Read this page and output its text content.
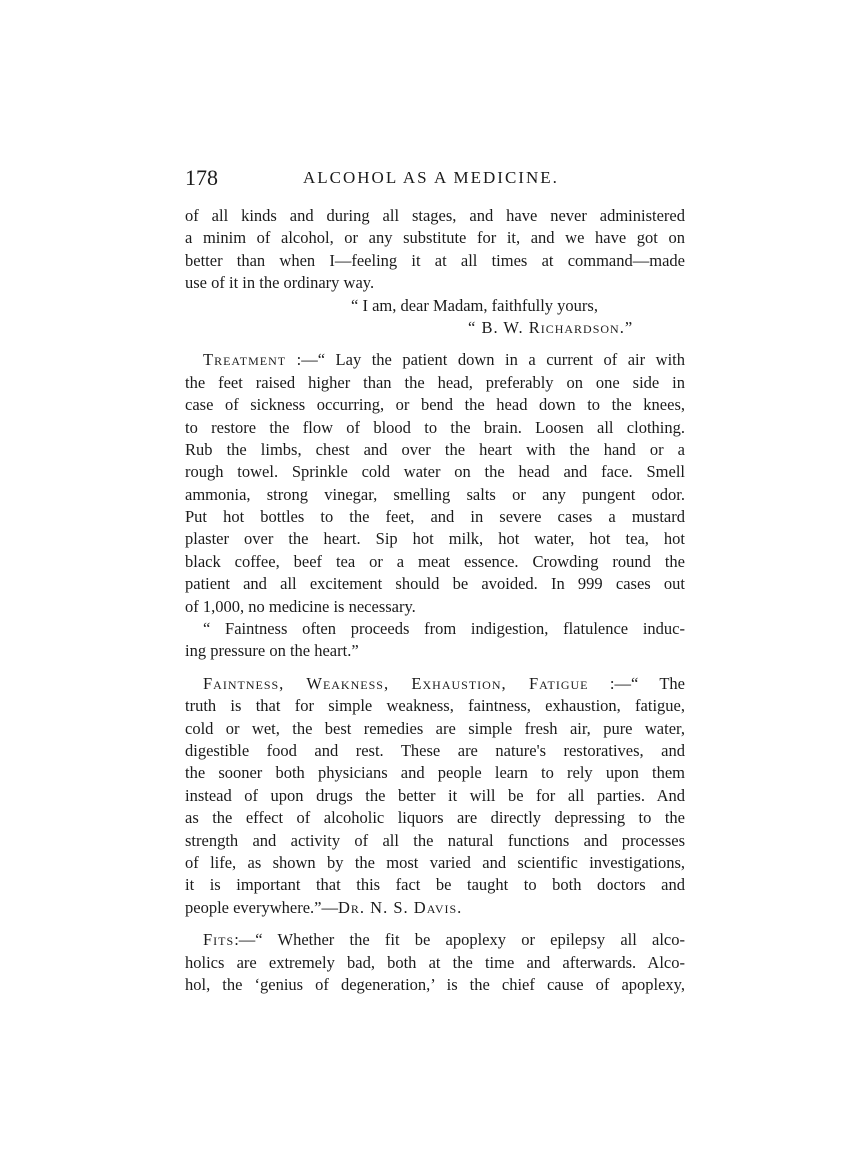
178	ALCOHOL AS A MEDICINE.
of all kinds and during all stages, and have never administered
a minim of alcohol, or any substitute for it, and we have got on
better than when I—feeling it at all times at command—made
use of it in the ordinary way.
“ I am, dear Madam, faithfully yours,
“ B. W. Richardson.”
Treatment :—“ Lay the patient down in a current of air with
the feet raised higher than the head, preferably on one side in
case of sickness occurring, or bend the head down to the knees,
to restore the flow of blood to the brain. Loosen all clothing.
Rub the limbs, chest and over the heart with the hand or a
rough towel. Sprinkle cold water on the head and face. Smell
ammonia, strong vinegar, smelling salts or any pungent odor.
Put hot bottles to the feet, and in severe cases a mustard
plaster over the heart. Sip hot milk, hot water, hot tea, hot
black coffee, beef tea or a meat essence. Crowding round the
patient and all excitement should be avoided. In 999 cases out
of 1,000, no medicine is necessary.
“ Faintness often proceeds from indigestion, flatulence induc-
ing pressure on the heart.”
Faintness, Weakness, Exhaustion, Fatigue :—“ The
truth is that for simple weakness, faintness, exhaustion, fatigue,
cold or wet, the best remedies are simple fresh air, pure water,
digestible food and rest. These are nature's restoratives, and
the sooner both physicians and people learn to rely upon them
instead of upon drugs the better it will be for all parties. And
as the effect of alcoholic liquors are directly depressing to the
strength and activity of all the natural functions and processes
of life, as shown by the most varied and scientific investigations,
it is important that this fact be taught to both doctors and
people everywhere.”—Dr. N. S. Davis.
Fits:—“ Whether the fit be apoplexy or epilepsy all alco-
holics are extremely bad, both at the time and afterwards. Alco-
hol, the ‘genius of degeneration,’ is the chief cause of apoplexy,
